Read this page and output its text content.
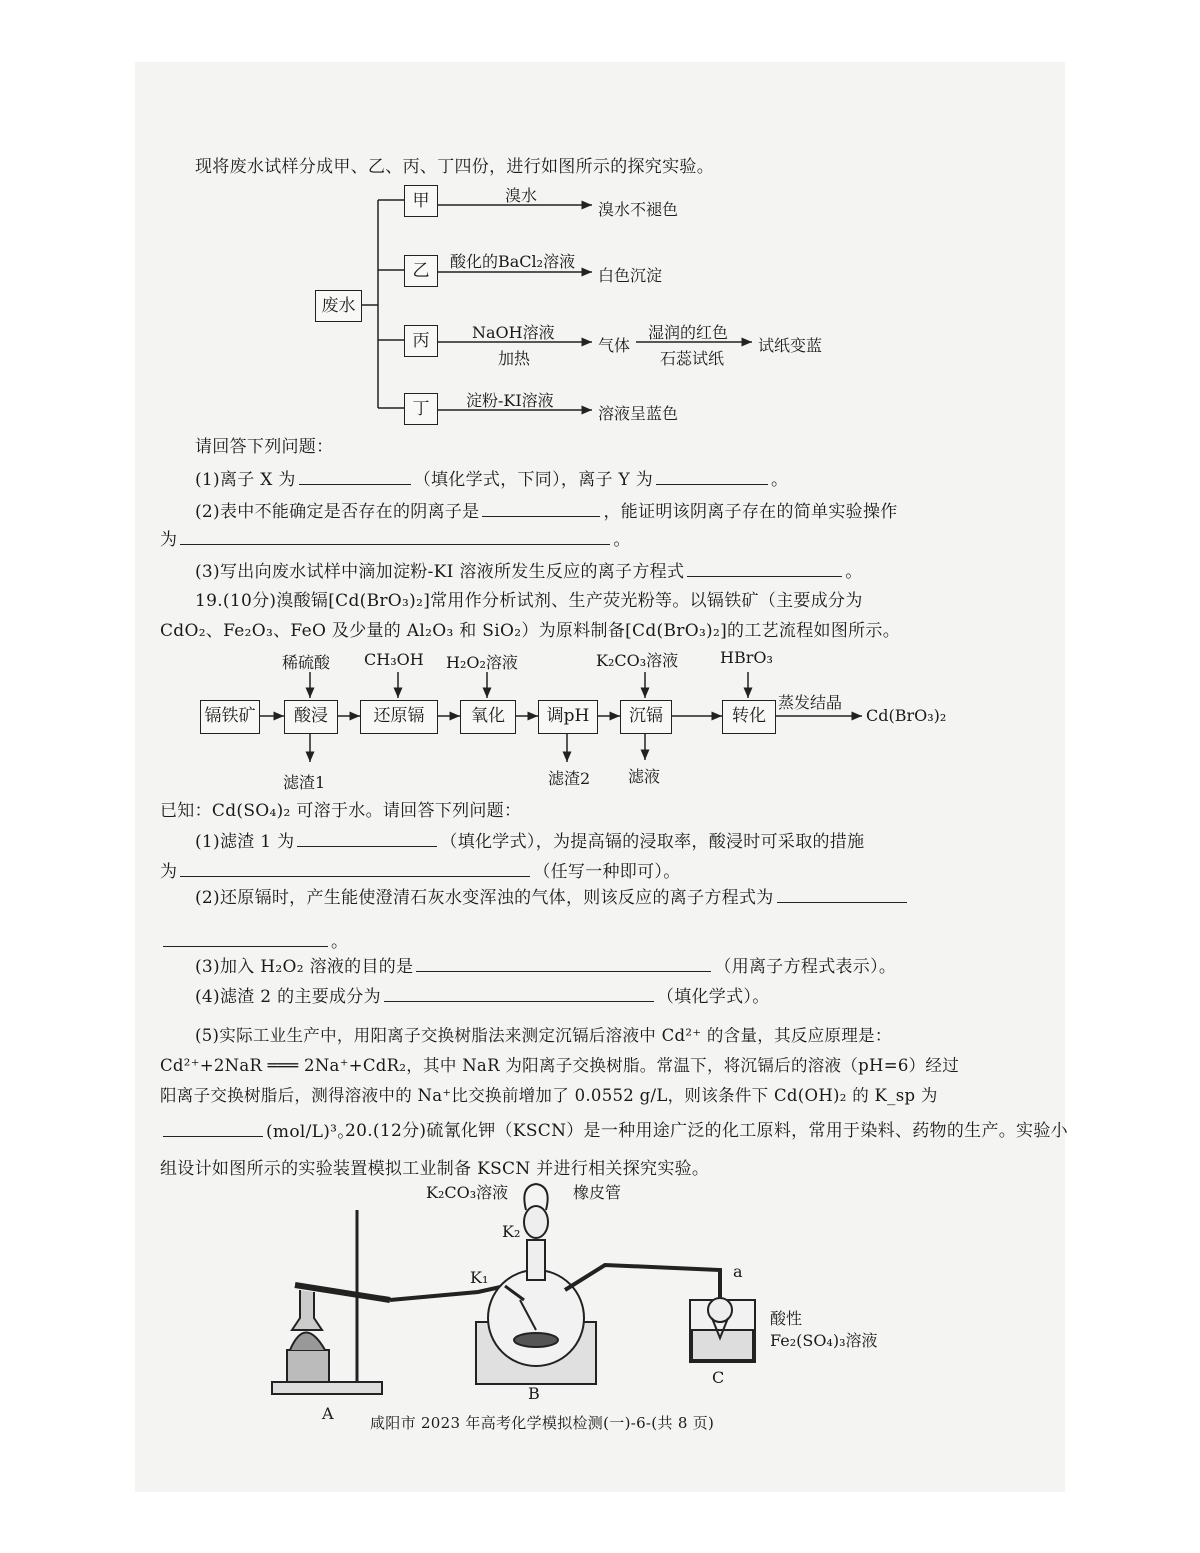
现将废水试样分成甲、乙、丙、丁四份，进行如图所示的探究实验。
废水
甲
乙
丙
丁
溴水
溴水不褪色
酸化的BaCl₂溶液
白色沉淀
NaOH溶液
加热
气体
湿润的红色
石蕊试纸
试纸变蓝
淀粉-KI溶液
溶液呈蓝色
请回答下列问题：
(1)离子 X 为	（填化学式，下同），离子 Y 为	。
(2)表中不能确定是否存在的阴离子是	，能证明该阴离子存在的简单实验操作
为	。
(3)写出向废水试样中滴加淀粉-KI 溶液所发生反应的离子方程式	。
19.(10分)溴酸镉[Cd(BrO₃)₂]常用作分析试剂、生产荧光粉等。以镉铁矿（主要成分为
CdO₂、Fe₂O₃、FeO 及少量的 Al₂O₃ 和 SiO₂）为原料制备[Cd(BrO₃)₂]的工艺流程如图所示。
镉铁矿	酸浸	还原镉	氧化	调pH	沉镉	转化
稀硫酸 CH₃OH H₂O₂溶液	K₂CO₃溶液	HBrO₃
蒸发结晶
Cd(BrO₃)₂
滤渣1	滤渣2 滤液
已知：Cd(SO₄)₂ 可溶于水。请回答下列问题：
(1)滤渣 1 为	（填化学式），为提高镉的浸取率，酸浸时可采取的措施
为	（任写一种即可）。
(2)还原镉时，产生能使澄清石灰水变浑浊的气体，则该反应的离子方程式为
。
(3)加入 H₂O₂ 溶液的目的是	（用离子方程式表示）。
(4)滤渣 2 的主要成分为	（填化学式）。
(5)实际工业生产中，用阳离子交换树脂法来测定沉镉后溶液中 Cd²⁺ 的含量，其反应原理是：
Cd²⁺+2NaR ═══ 2Na⁺+CdR₂，其中 NaR 为阳离子交换树脂。常温下，将沉镉后的溶液（pH=6）经过
阳离子交换树脂后，测得溶液中的 Na⁺比交换前增加了 0.0552 g/L，则该条件下 Cd(OH)₂ 的 K_sp 为
(mol/L)³。
20.(12分)硫氰化钾（KSCN）是一种用途广泛的化工原料，常用于染料、药物的生产。实验小
组设计如图所示的实验装置模拟工业制备 KSCN 并进行相关探究实验。
K₂CO₃溶液	橡皮管
K₂
K₁	a
酸性
Fe₂(SO₄)₃溶液
A
B
C
咸阳市 2023 年高考化学模拟检测(一)-6-(共 8 页)
